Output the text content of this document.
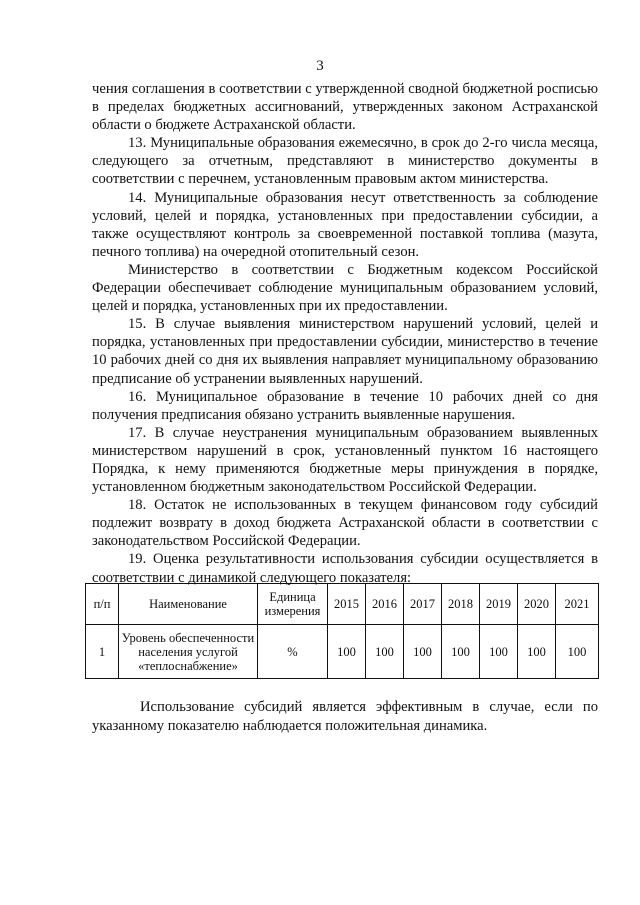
3

чения соглашения в соответствии с утвержденной сводной бюджетной росписью в пределах бюджетных ассигнований, утвержденных законом Астраханской области о бюджете Астраханской области.

13. Муниципальные образования ежемесячно, в срок до 2-го числа месяца, следующего за отчетным, представляют в министерство документы в соответствии с перечнем, установленным правовым актом министерства.

14. Муниципальные образования несут ответственность за соблюдение условий, целей и порядка, установленных при предоставлении субсидии, а также осуществляют контроль за своевременной поставкой топлива (мазута, печного топлива) на очередной отопительный сезон.

Министерство в соответствии с Бюджетным кодексом Российской Федерации обеспечивает соблюдение муниципальным образованием условий, целей и порядка, установленных при их предоставлении.

15. В случае выявления министерством нарушений условий, целей и порядка, установленных при предоставлении субсидии, министерство в течение 10 рабочих дней со дня их выявления направляет муниципальному образованию предписание об устранении выявленных нарушений.

16. Муниципальное образование в течение 10 рабочих дней со дня получения предписания обязано устранить выявленные нарушения.

17. В случае неустранения муниципальным образованием выявленных министерством нарушений в срок, установленный пунктом 16 настоящего Порядка, к нему применяются бюджетные меры принуждения в порядке, установленном бюджетным законодательством Российской Федерации.

18. Остаток не использованных в текущем финансовом году субсидий подлежит возврату в доход бюджета Астраханской области в соответствии с законодательством Российской Федерации.

19. Оценка результативности использования субсидии осуществляется в соответствии с динамикой следующего показателя:

п/п	Наименование	Единица измерения	2015	2016	2017	2018	2019	2020	2021
1	Уровень обеспеченности населения услугой «теплоснабжение»	%	100	100	100	100	100	100	100

Использование субсидий является эффективным в случае, если по указанному показателю наблюдается положительная динамика.
